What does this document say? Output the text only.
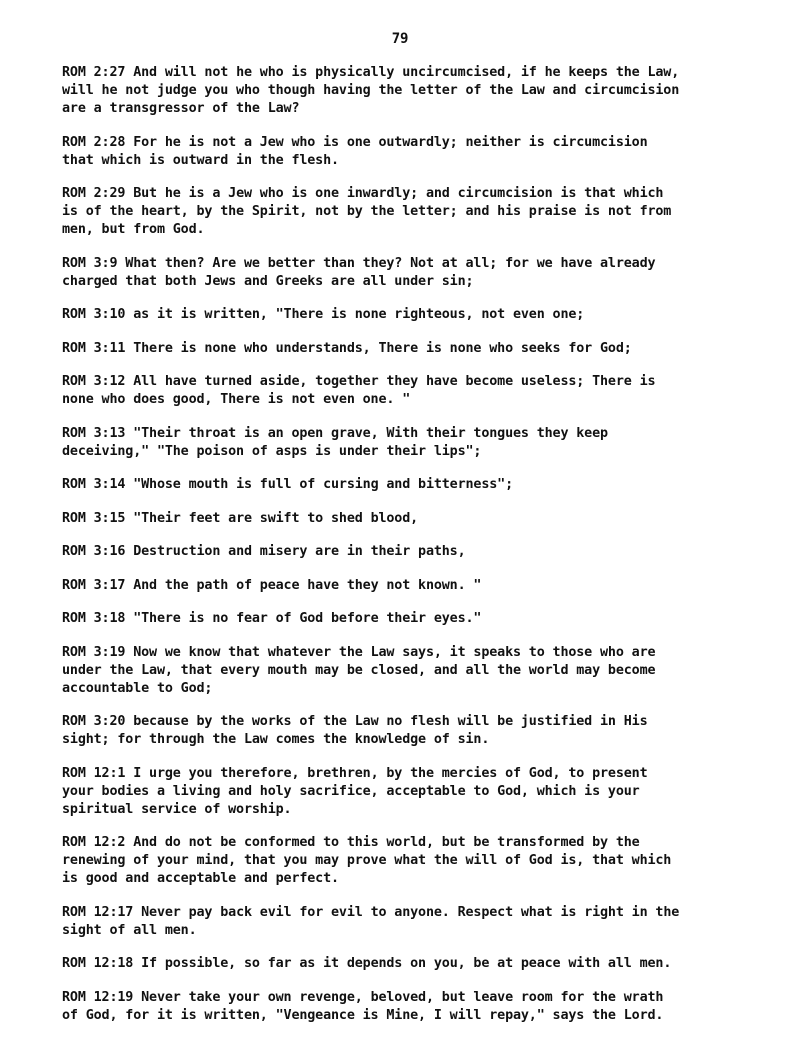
79

ROM 2:27 And will not he who is physically uncircumcised, if he keeps the Law,
will he not judge you who though having the letter of the Law and circumcision
are a transgressor of the Law?

ROM 2:28 For he is not a Jew who is one outwardly; neither is circumcision
that which is outward in the flesh.

ROM 2:29 But he is a Jew who is one inwardly; and circumcision is that which
is of the heart, by the Spirit, not by the letter; and his praise is not from
men, but from God.

ROM 3:9 What then? Are we better than they? Not at all; for we have already
charged that both Jews and Greeks are all under sin;

ROM 3:10 as it is written, "There is none righteous, not even one;

ROM 3:11 There is none who understands, There is none who seeks for God;

ROM 3:12 All have turned aside, together they have become useless; There is
none who does good, There is not even one. "

ROM 3:13 "Their throat is an open grave, With their tongues they keep
deceiving," "The poison of asps is under their lips";

ROM 3:14 "Whose mouth is full of cursing and bitterness";

ROM 3:15 "Their feet are swift to shed blood,

ROM 3:16 Destruction and misery are in their paths,

ROM 3:17 And the path of peace have they not known. "

ROM 3:18 "There is no fear of God before their eyes."

ROM 3:19 Now we know that whatever the Law says, it speaks to those who are
under the Law, that every mouth may be closed, and all the world may become
accountable to God;

ROM 3:20 because by the works of the Law no flesh will be justified in His
sight; for through the Law comes the knowledge of sin.

ROM 12:1 I urge you therefore, brethren, by the mercies of God, to present
your bodies a living and holy sacrifice, acceptable to God, which is your
spiritual service of worship.

ROM 12:2 And do not be conformed to this world, but be transformed by the
renewing of your mind, that you may prove what the will of God is, that which
is good and acceptable and perfect.

ROM 12:17 Never pay back evil for evil to anyone. Respect what is right in the
sight of all men.

ROM 12:18 If possible, so far as it depends on you, be at peace with all men.

ROM 12:19 Never take your own revenge, beloved, but leave room for the wrath
of God, for it is written, "Vengeance is Mine, I will repay," says the Lord.
